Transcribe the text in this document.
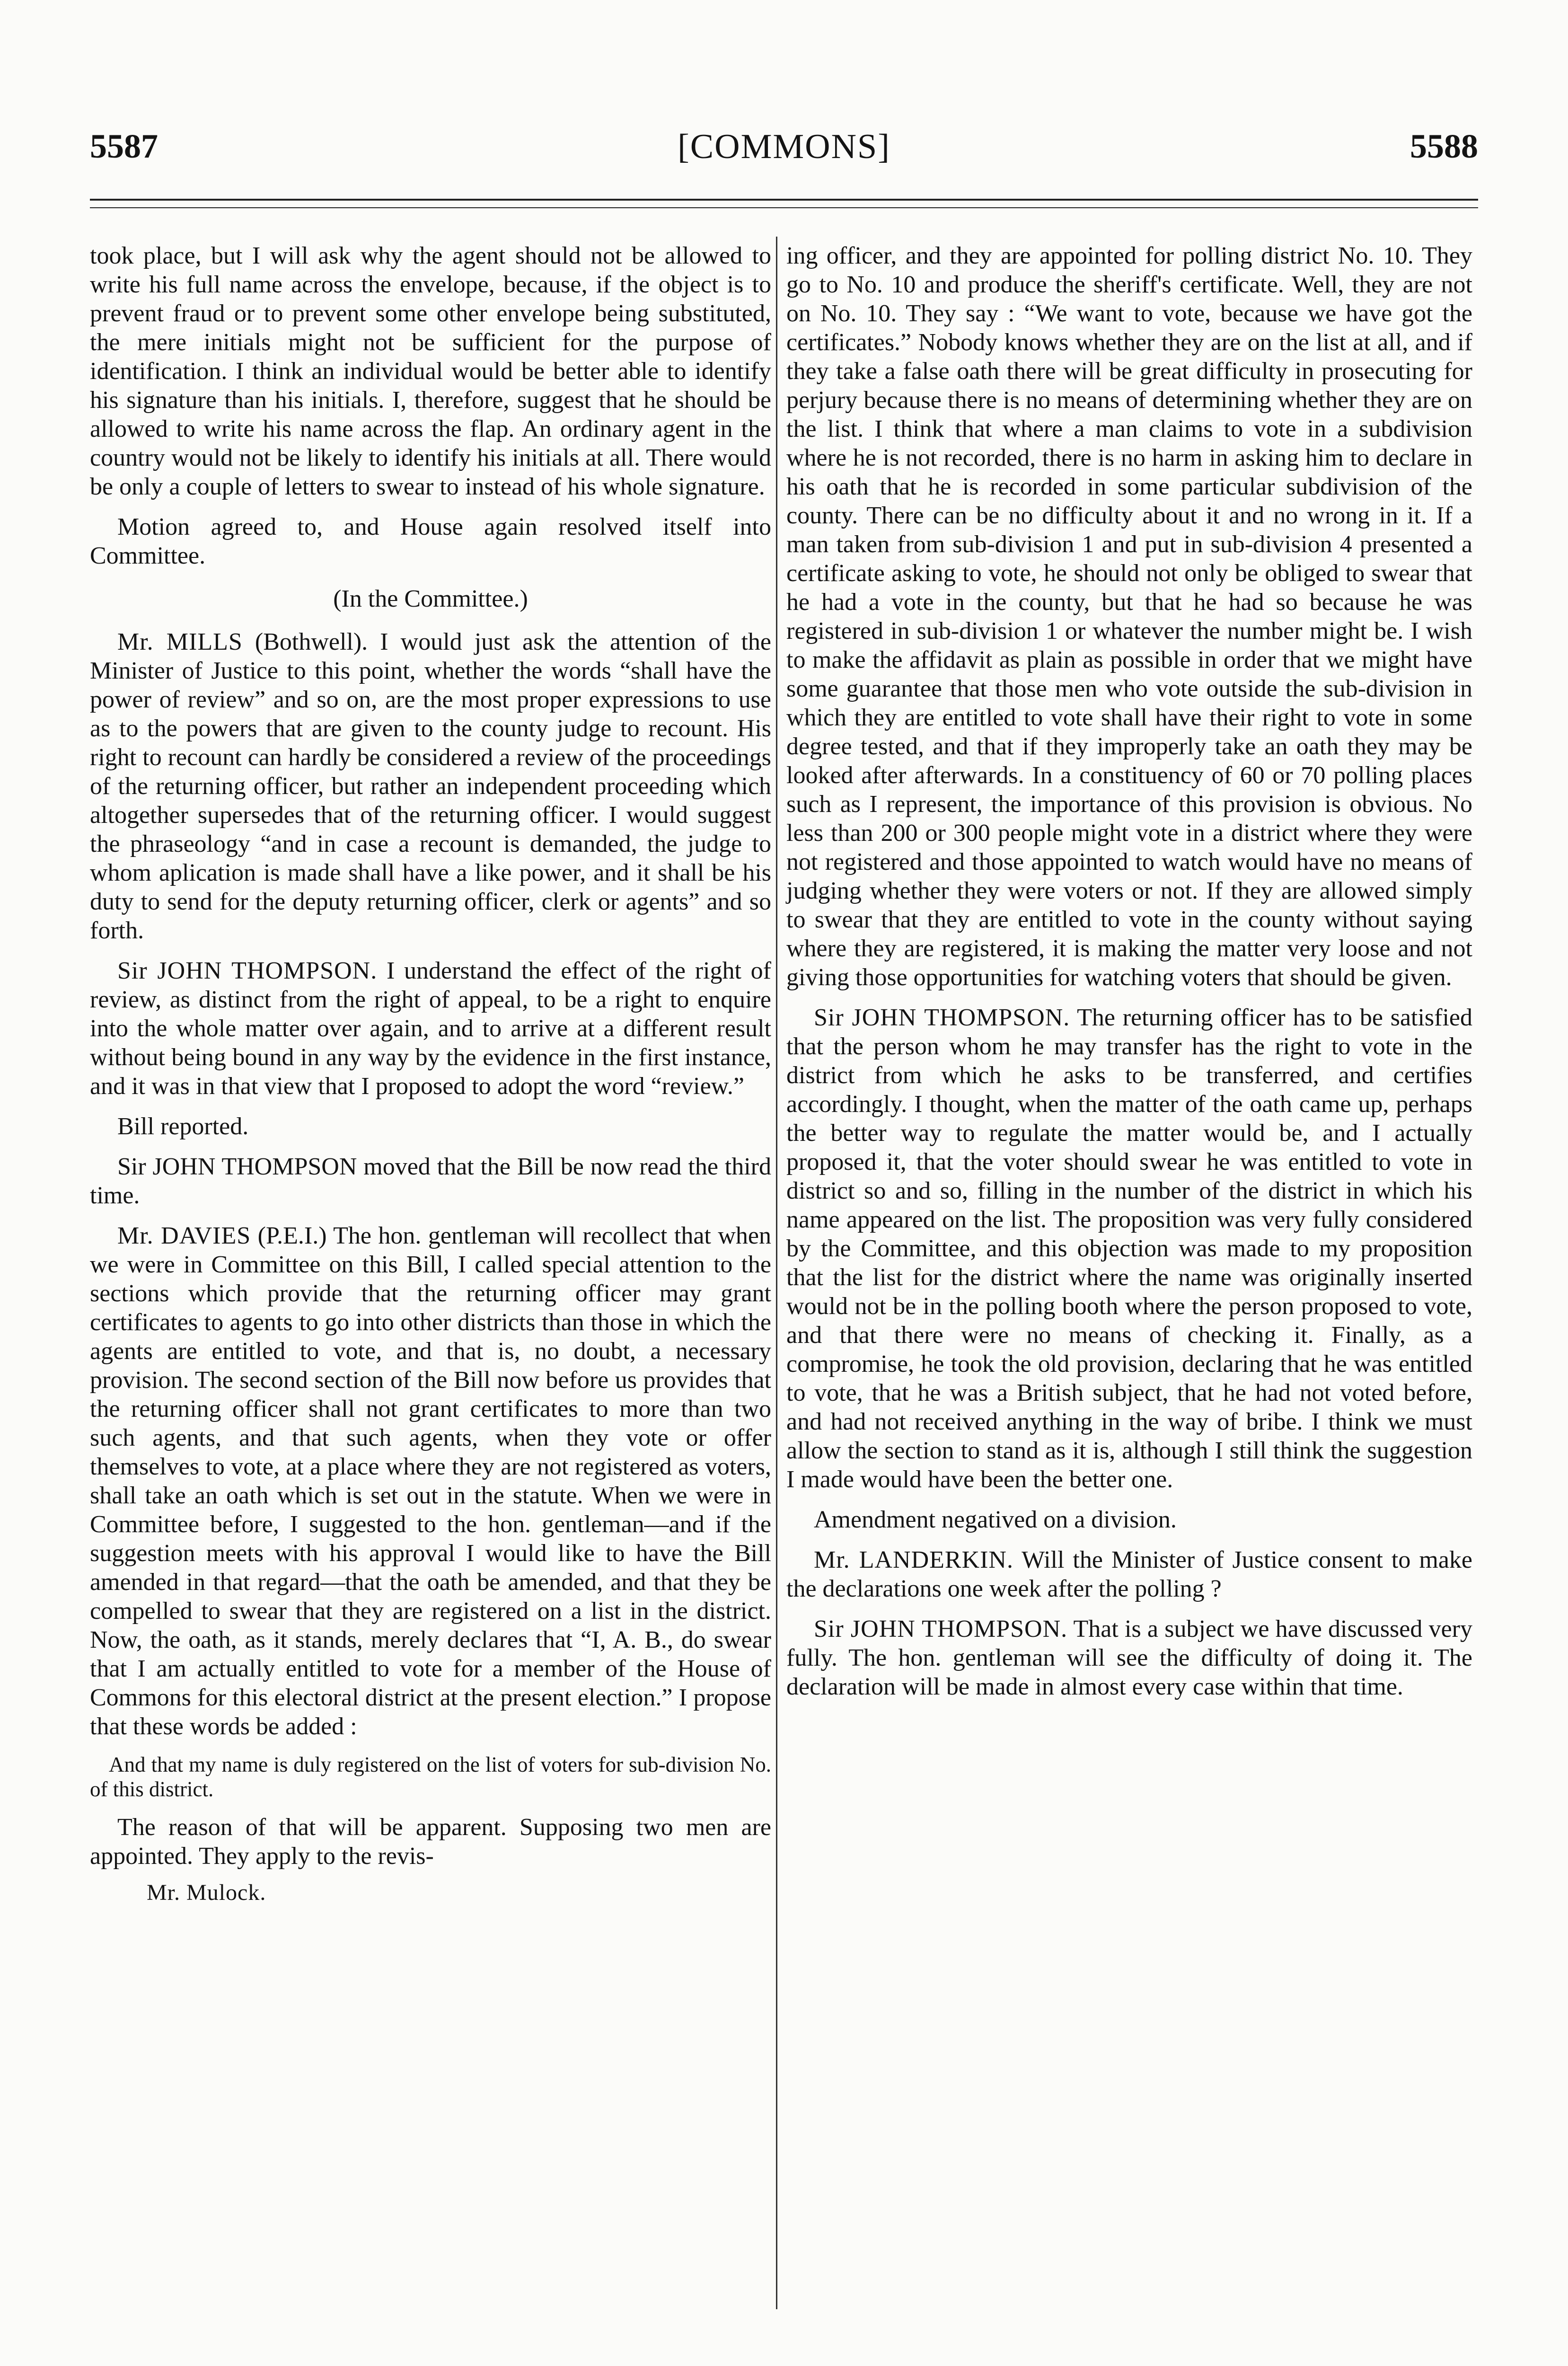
5587	[COMMONS]	5588

took place, but I will ask why the agent should not be allowed to write his full name across the envelope, because, if the object is to prevent fraud or to prevent some other envelope being substituted, the mere initials might not be sufficient for the purpose of identification. I think an individual would be better able to identify his signature than his initials. I, therefore, suggest that he should be allowed to write his name across the flap. An ordinary agent in the country would not be likely to identify his initials at all. There would be only a couple of letters to swear to instead of his whole signature.

Motion agreed to, and House again resolved itself into Committee.

(In the Committee.)

Mr. MILLS (Bothwell). I would just ask the attention of the Minister of Justice to this point, whether the words “shall have the power of review” and so on, are the most proper expressions to use as to the powers that are given to the county judge to recount. His right to recount can hardly be considered a review of the proceedings of the returning officer, but rather an independent proceeding which altogether supersedes that of the returning officer. I would suggest the phraseology “and in case a recount is demanded, the judge to whom aplication is made shall have a like power, and it shall be his duty to send for the deputy returning officer, clerk or agents” and so forth.

Sir JOHN THOMPSON. I understand the effect of the right of review, as distinct from the right of appeal, to be a right to enquire into the whole matter over again, and to arrive at a different result without being bound in any way by the evidence in the first instance, and it was in that view that I proposed to adopt the word “review.”

Bill reported.

Sir JOHN THOMPSON moved that the Bill be now read the third time.

Mr. DAVIES (P.E.I.) The hon. gentleman will recollect that when we were in Committee on this Bill, I called special attention to the sections which provide that the returning officer may grant certificates to agents to go into other districts than those in which the agents are entitled to vote, and that is, no doubt, a necessary provision. The second section of the Bill now before us provides that the returning officer shall not grant certificates to more than two such agents, and that such agents, when they vote or offer themselves to vote, at a place where they are not registered as voters, shall take an oath which is set out in the statute. When we were in Committee before, I suggested to the hon. gentleman—and if the suggestion meets with his approval I would like to have the Bill amended in that regard—that the oath be amended, and that they be compelled to swear that they are registered on a list in the district. Now, the oath, as it stands, merely declares that “I, A. B., do swear that I am actually entitled to vote for a member of the House of Commons for this electoral district at the present election.” I propose that these words be added :

And that my name is duly registered on the list of voters for sub-division No. of this district.

The reason of that will be apparent. Supposing two men are appointed. They apply to the revis-

Mr. Mulock.

ing officer, and they are appointed for polling district No. 10. They go to No. 10 and produce the sheriff's certificate. Well, they are not on No. 10. They say : “We want to vote, because we have got the certificates.” Nobody knows whether they are on the list at all, and if they take a false oath there will be great difficulty in prosecuting for perjury because there is no means of determining whether they are on the list. I think that where a man claims to vote in a subdivision where he is not recorded, there is no harm in asking him to declare in his oath that he is recorded in some particular subdivision of the county. There can be no difficulty about it and no wrong in it. If a man taken from sub-division 1 and put in sub-division 4 presented a certificate asking to vote, he should not only be obliged to swear that he had a vote in the county, but that he had so because he was registered in sub-division 1 or whatever the number might be. I wish to make the affidavit as plain as possible in order that we might have some guarantee that those men who vote outside the sub-division in which they are entitled to vote shall have their right to vote in some degree tested, and that if they improperly take an oath they may be looked after afterwards. In a constituency of 60 or 70 polling places such as I represent, the importance of this provision is obvious. No less than 200 or 300 people might vote in a district where they were not registered and those appointed to watch would have no means of judging whether they were voters or not. If they are allowed simply to swear that they are entitled to vote in the county without saying where they are registered, it is making the matter very loose and not giving those opportunities for watching voters that should be given.

Sir JOHN THOMPSON. The returning officer has to be satisfied that the person whom he may transfer has the right to vote in the district from which he asks to be transferred, and certifies accordingly. I thought, when the matter of the oath came up, perhaps the better way to regulate the matter would be, and I actually proposed it, that the voter should swear he was entitled to vote in district so and so, filling in the number of the district in which his name appeared on the list. The proposition was very fully considered by the Committee, and this objection was made to my proposition that the list for the district where the name was originally inserted would not be in the polling booth where the person proposed to vote, and that there were no means of checking it. Finally, as a compromise, he took the old provision, declaring that he was entitled to vote, that he was a British subject, that he had not voted before, and had not received anything in the way of bribe. I think we must allow the section to stand as it is, although I still think the suggestion I made would have been the better one.

Amendment negatived on a division.

Mr. LANDERKIN. Will the Minister of Justice consent to make the declarations one week after the polling ?

Sir JOHN THOMPSON. That is a subject we have discussed very fully. The hon. gentleman will see the difficulty of doing it. The declaration will be made in almost every case within that time.
